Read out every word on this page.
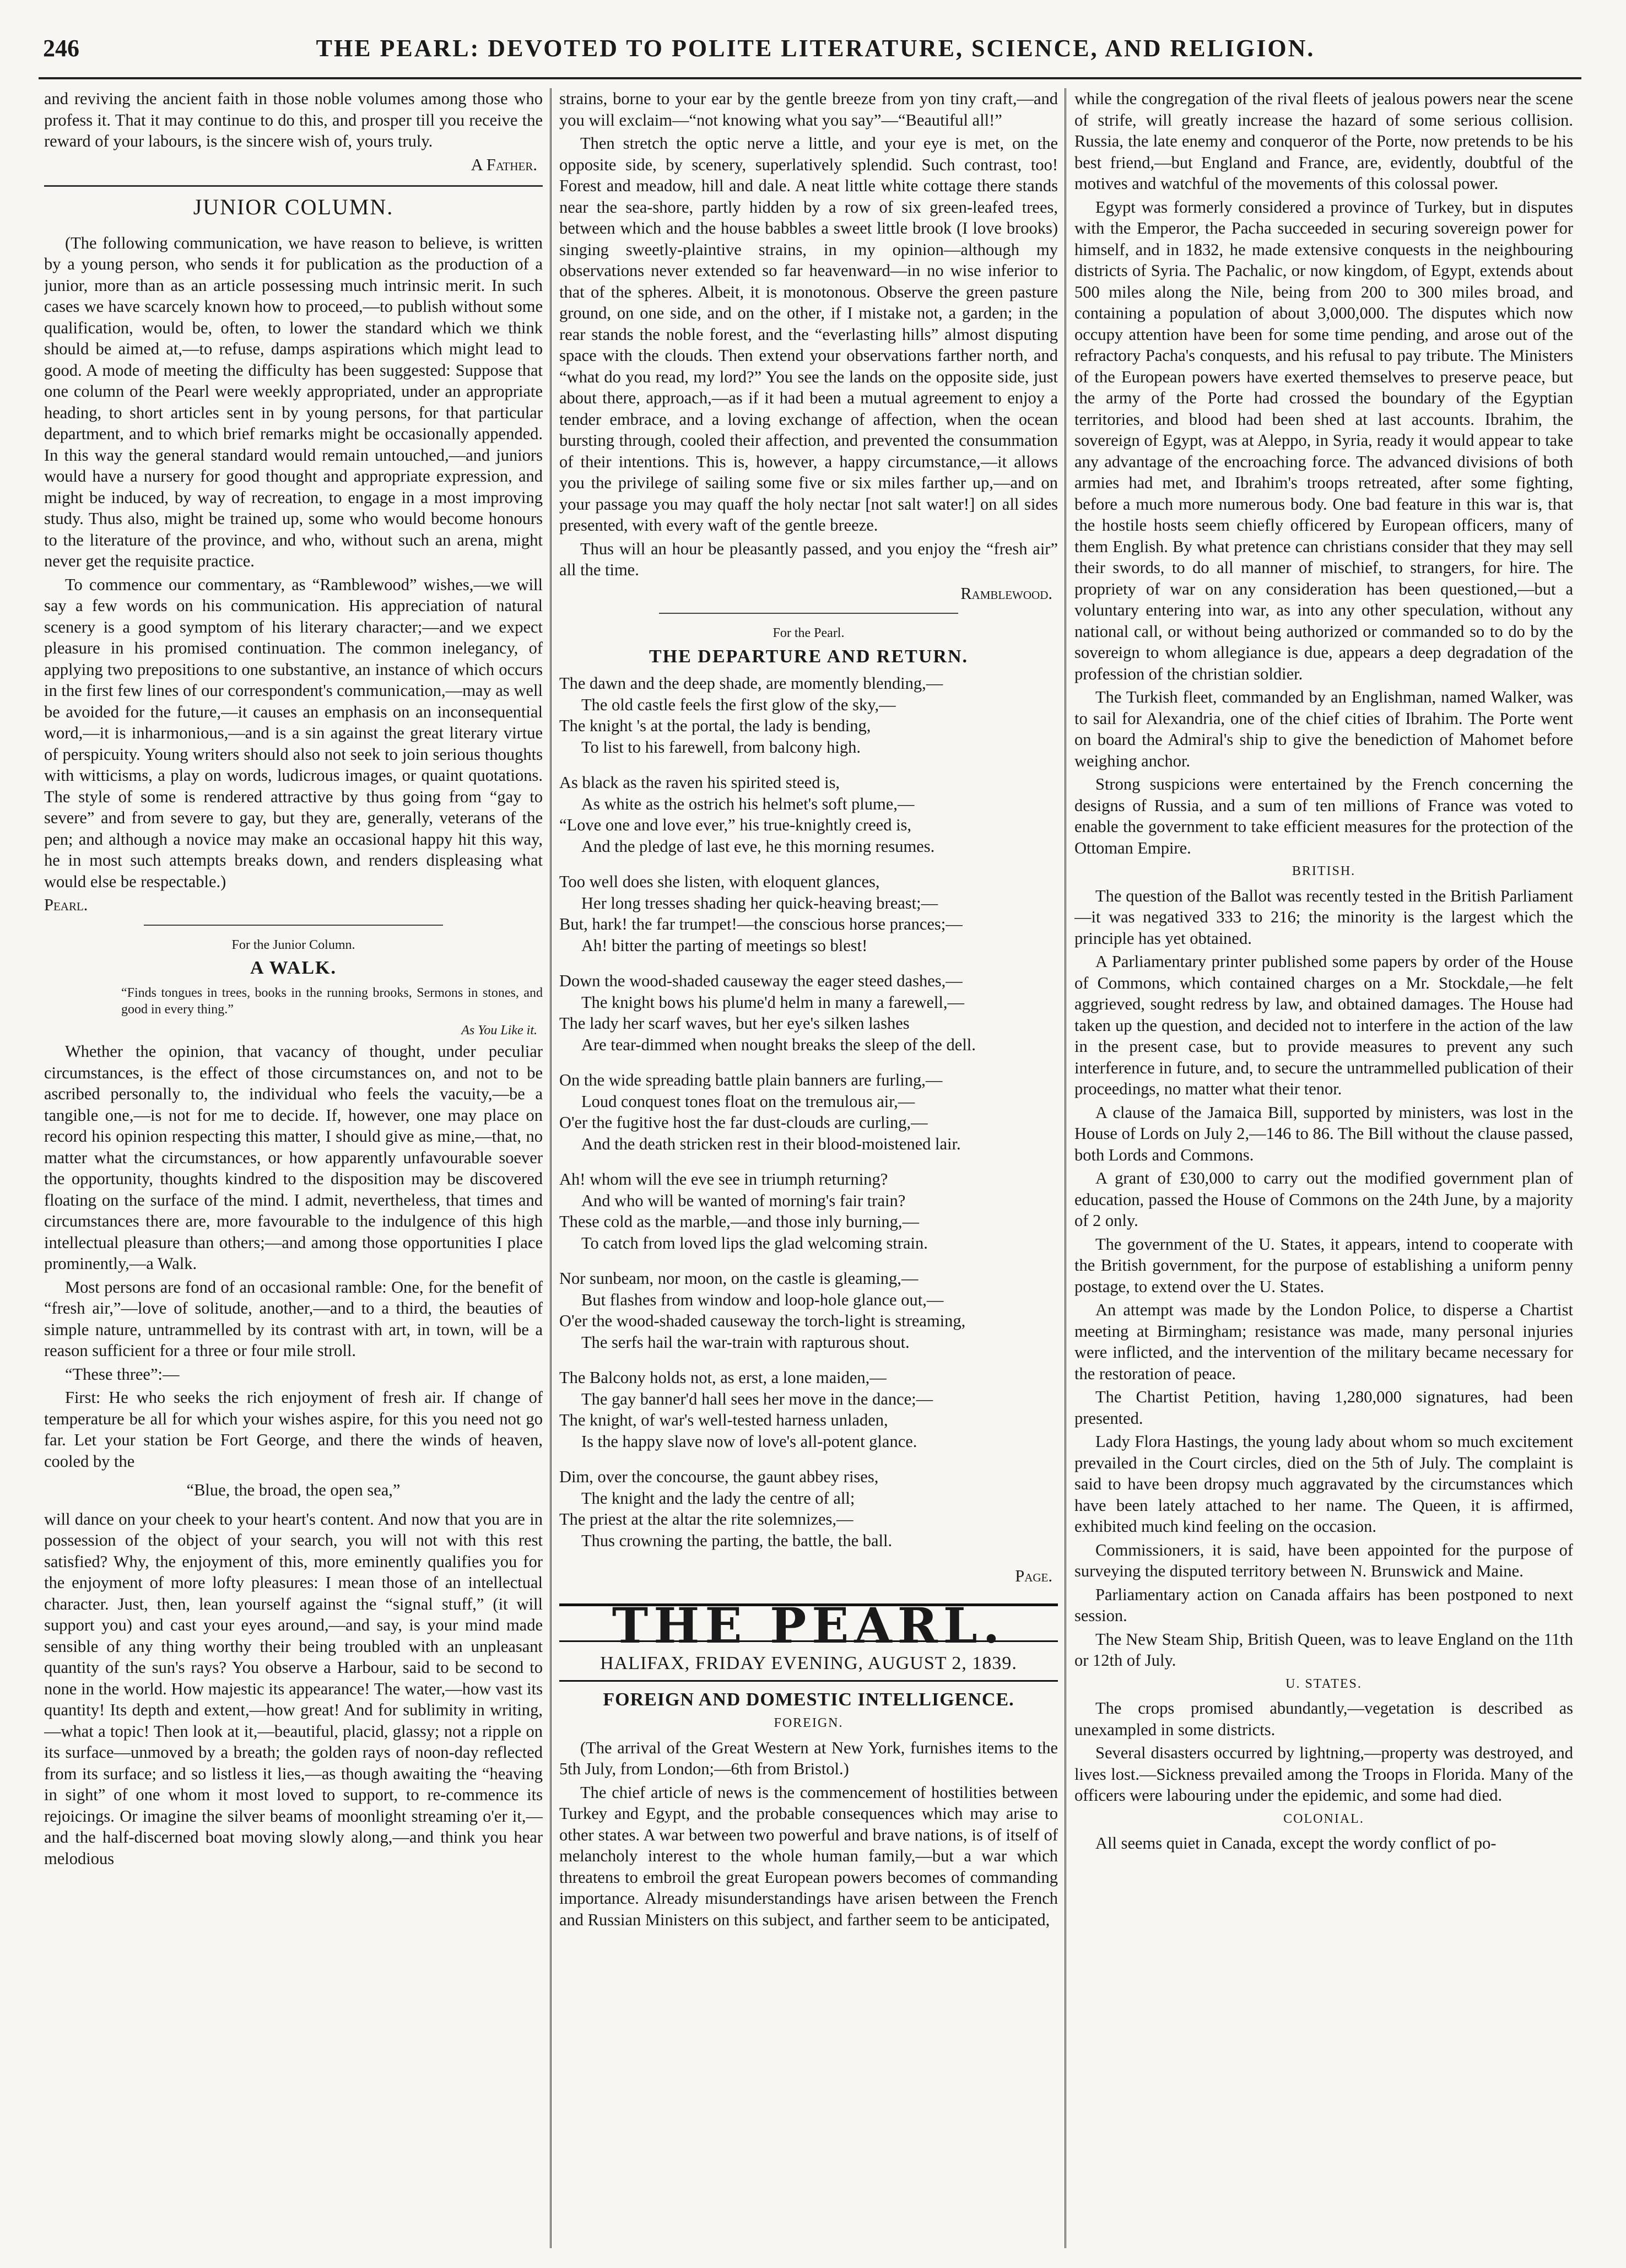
246	THE PEARL: DEVOTED TO POLITE LITERATURE, SCIENCE, AND RELIGION.

and reviving the ancient faith in those noble volumes among those who profess it. That it may continue to do this, and prosper till you receive the reward of your labours, is the sincere wish of, yours truly.

A Father.

JUNIOR COLUMN.

(The following communication, we have reason to believe, is written by a young person, who sends it for publication as the production of a junior, more than as an article possessing much intrinsic merit. In such cases we have scarcely known how to proceed,—to publish without some qualification, would be, often, to lower the standard which we think should be aimed at,—to refuse, damps aspirations which might lead to good. A mode of meeting the difficulty has been suggested: Suppose that one column of the Pearl were weekly appropriated, under an appropriate heading, to short articles sent in by young persons, for that particular department, and to which brief remarks might be occasionally appended. In this way the general standard would remain untouched,—and juniors would have a nursery for good thought and appropriate expression, and might be induced, by way of recreation, to engage in a most improving study. Thus also, might be trained up, some who would become honours to the literature of the province, and who, without such an arena, might never get the requisite practice.

To commence our commentary, as “Ramblewood” wishes,—we will say a few words on his communication. His appreciation of natural scenery is a good symptom of his literary character;—and we expect pleasure in his promised continuation. The common inelegancy, of applying two prepositions to one substantive, an instance of which occurs in the first few lines of our correspondent's communication,—may as well be avoided for the future,—it causes an emphasis on an inconsequential word,—it is inharmonious,—and is a sin against the great literary virtue of perspicuity. Young writers should also not seek to join serious thoughts with witticisms, a play on words, ludicrous images, or quaint quotations. The style of some is rendered attractive by thus going from “gay to severe” and from severe to gay, but they are, generally, veterans of the pen; and although a novice may make an occasional happy hit this way, he in most such attempts breaks down, and renders displeasing what would else be respectable.)

Pearl.

For the Junior Column.
A WALK.

“Finds tongues in trees, books in the running brooks, Sermons in stones, and good in every thing.”

As You Like it.

Whether the opinion, that vacancy of thought, under peculiar circumstances, is the effect of those circumstances on, and not to be ascribed personally to, the individual who feels the vacuity,—be a tangible one,—is not for me to decide. If, however, one may place on record his opinion respecting this matter, I should give as mine,—that, no matter what the circumstances, or how apparently unfavourable soever the opportunity, thoughts kindred to the disposition may be discovered floating on the surface of the mind. I admit, nevertheless, that times and circumstances there are, more favourable to the indulgence of this high intellectual pleasure than others;—and among those opportunities I place prominently,—a Walk.

Most persons are fond of an occasional ramble: One, for the benefit of “fresh air,”—love of solitude, another,—and to a third, the beauties of simple nature, untrammelled by its contrast with art, in town, will be a reason sufficient for a three or four mile stroll.

“These three”:—

First: He who seeks the rich enjoyment of fresh air. If change of temperature be all for which your wishes aspire, for this you need not go far. Let your station be Fort George, and there the winds of heaven, cooled by the

“Blue, the broad, the open sea,”

will dance on your cheek to your heart's content. And now that you are in possession of the object of your search, you will not with this rest satisfied? Why, the enjoyment of this, more eminently qualifies you for the enjoyment of more lofty pleasures: I mean those of an intellectual character. Just, then, lean yourself against the “signal stuff,” (it will support you) and cast your eyes around,—and say, is your mind made sensible of any thing worthy their being troubled with an unpleasant quantity of the sun's rays? You observe a Harbour, said to be second to none in the world. How majestic its appearance! The water,—how vast its quantity! Its depth and extent,—how great! And for sublimity in writing,—what a topic! Then look at it,—beautiful, placid, glassy; not a ripple on its surface—unmoved by a breath; the golden rays of noon-day reflected from its surface; and so listless it lies,—as though awaiting the “heaving in sight” of one whom it most loved to support, to re-commence its rejoicings. Or imagine the silver beams of moonlight streaming o'er it,—and the half-discerned boat moving slowly along,—and think you hear melodious

strains, borne to your ear by the gentle breeze from yon tiny craft,—and you will exclaim—“not knowing what you say”—“Beautiful all!”

Then stretch the optic nerve a little, and your eye is met, on the opposite side, by scenery, superlatively splendid. Such contrast, too! Forest and meadow, hill and dale. A neat little white cottage there stands near the sea-shore, partly hidden by a row of six green-leafed trees, between which and the house babbles a sweet little brook (I love brooks) singing sweetly-plaintive strains, in my opinion—although my observations never extended so far heavenward—in no wise inferior to that of the spheres. Albeit, it is monotonous. Observe the green pasture ground, on one side, and on the other, if I mistake not, a garden; in the rear stands the noble forest, and the “everlasting hills” almost disputing space with the clouds. Then extend your observations farther north, and “what do you read, my lord?” You see the lands on the opposite side, just about there, approach,—as if it had been a mutual agreement to enjoy a tender embrace, and a loving exchange of affection, when the ocean bursting through, cooled their affection, and prevented the consummation of their intentions. This is, however, a happy circumstance,—it allows you the privilege of sailing some five or six miles farther up,—and on your passage you may quaff the holy nectar [not salt water!] on all sides presented, with every waft of the gentle breeze.

Thus will an hour be pleasantly passed, and you enjoy the “fresh air” all the time.

Ramblewood.

For the Pearl.
THE DEPARTURE AND RETURN.
The dawn and the deep shade, are momently blending,—
The old castle feels the first glow of the sky,—
The knight 's at the portal, the lady is bending,
To list to his farewell, from balcony high.
As black as the raven his spirited steed is,
As white as the ostrich his helmet's soft plume,—
“Love one and love ever,” his true-knightly creed is,
And the pledge of last eve, he this morning resumes.
Too well does she listen, with eloquent glances,
Her long tresses shading her quick-heaving breast;—
But, hark! the far trumpet!—the conscious horse prances;—
Ah! bitter the parting of meetings so blest!
Down the wood-shaded causeway the eager steed dashes,—
The knight bows his plume'd helm in many a farewell,—
The lady her scarf waves, but her eye's silken lashes
Are tear-dimmed when nought breaks the sleep of the dell.
On the wide spreading battle plain banners are furling,—
Loud conquest tones float on the tremulous air,—
O'er the fugitive host the far dust-clouds are curling,—
And the death stricken rest in their blood-moistened lair.
Ah! whom will the eve see in triumph returning?
And who will be wanted of morning's fair train?
These cold as the marble,—and those inly burning,—
To catch from loved lips the glad welcoming strain.
Nor sunbeam, nor moon, on the castle is gleaming,—
But flashes from window and loop-hole glance out,—
O'er the wood-shaded causeway the torch-light is streaming,
The serfs hail the war-train with rapturous shout.
The Balcony holds not, as erst, a lone maiden,—
The gay banner'd hall sees her move in the dance;—
The knight, of war's well-tested harness unladen,
Is the happy slave now of love's all-potent glance.
Dim, over the concourse, the gaunt abbey rises,
The knight and the lady the centre of all;
The priest at the altar the rite solemnizes,—
Thus crowning the parting, the battle, the ball.

Page.

THE PEARL.
HALIFAX, FRIDAY EVENING, AUGUST 2, 1839.
FOREIGN AND DOMESTIC INTELLIGENCE.
FOREIGN.

(The arrival of the Great Western at New York, furnishes items to the 5th July, from London;—6th from Bristol.)

The chief article of news is the commencement of hostilities between Turkey and Egypt, and the probable consequences which may arise to other states. A war between two powerful and brave nations, is of itself of melancholy interest to the whole human family,—but a war which threatens to embroil the great European powers becomes of commanding importance. Already misunderstandings have arisen between the French and Russian Ministers on this subject, and farther seem to be anticipated,

while the congregation of the rival fleets of jealous powers near the scene of strife, will greatly increase the hazard of some serious collision. Russia, the late enemy and conqueror of the Porte, now pretends to be his best friend,—but England and France, are, evidently, doubtful of the motives and watchful of the movements of this colossal power.

Egypt was formerly considered a province of Turkey, but in disputes with the Emperor, the Pacha succeeded in securing sovereign power for himself, and in 1832, he made extensive conquests in the neighbouring districts of Syria. The Pachalic, or now kingdom, of Egypt, extends about 500 miles along the Nile, being from 200 to 300 miles broad, and containing a population of about 3,000,000. The disputes which now occupy attention have been for some time pending, and arose out of the refractory Pacha's conquests, and his refusal to pay tribute. The Ministers of the European powers have exerted themselves to preserve peace, but the army of the Porte had crossed the boundary of the Egyptian territories, and blood had been shed at last accounts. Ibrahim, the sovereign of Egypt, was at Aleppo, in Syria, ready it would appear to take any advantage of the encroaching force. The advanced divisions of both armies had met, and Ibrahim's troops retreated, after some fighting, before a much more numerous body. One bad feature in this war is, that the hostile hosts seem chiefly officered by European officers, many of them English. By what pretence can christians consider that they may sell their swords, to do all manner of mischief, to strangers, for hire. The propriety of war on any consideration has been questioned,—but a voluntary entering into war, as into any other speculation, without any national call, or without being authorized or commanded so to do by the sovereign to whom allegiance is due, appears a deep degradation of the profession of the christian soldier.

The Turkish fleet, commanded by an Englishman, named Walker, was to sail for Alexandria, one of the chief cities of Ibrahim. The Porte went on board the Admiral's ship to give the benediction of Mahomet before weighing anchor.

Strong suspicions were entertained by the French concerning the designs of Russia, and a sum of ten millions of France was voted to enable the government to take efficient measures for the protection of the Ottoman Empire.

BRITISH.

The question of the Ballot was recently tested in the British Parliament—it was negatived 333 to 216; the minority is the largest which the principle has yet obtained.

A Parliamentary printer published some papers by order of the House of Commons, which contained charges on a Mr. Stockdale,—he felt aggrieved, sought redress by law, and obtained damages. The House had taken up the question, and decided not to interfere in the action of the law in the present case, but to provide measures to prevent any such interference in future, and, to secure the untrammelled publication of their proceedings, no matter what their tenor.

A clause of the Jamaica Bill, supported by ministers, was lost in the House of Lords on July 2,—146 to 86. The Bill without the clause passed, both Lords and Commons.

A grant of £30,000 to carry out the modified government plan of education, passed the House of Commons on the 24th June, by a majority of 2 only.

The government of the U. States, it appears, intend to cooperate with the British government, for the purpose of establishing a uniform penny postage, to extend over the U. States.

An attempt was made by the London Police, to disperse a Chartist meeting at Birmingham; resistance was made, many personal injuries were inflicted, and the intervention of the military became necessary for the restoration of peace.

The Chartist Petition, having 1,280,000 signatures, had been presented.

Lady Flora Hastings, the young lady about whom so much excitement prevailed in the Court circles, died on the 5th of July. The complaint is said to have been dropsy much aggravated by the circumstances which have been lately attached to her name. The Queen, it is affirmed, exhibited much kind feeling on the occasion.

Commissioners, it is said, have been appointed for the purpose of surveying the disputed territory between N. Brunswick and Maine.

Parliamentary action on Canada affairs has been postponed to next session.

The New Steam Ship, British Queen, was to leave England on the 11th or 12th of July.

U. STATES.

The crops promised abundantly,—vegetation is described as unexampled in some districts.

Several disasters occurred by lightning,—property was destroyed, and lives lost.—Sickness prevailed among the Troops in Florida. Many of the officers were labouring under the epidemic, and some had died.

COLONIAL.

All seems quiet in Canada, except the wordy conflict of po-
